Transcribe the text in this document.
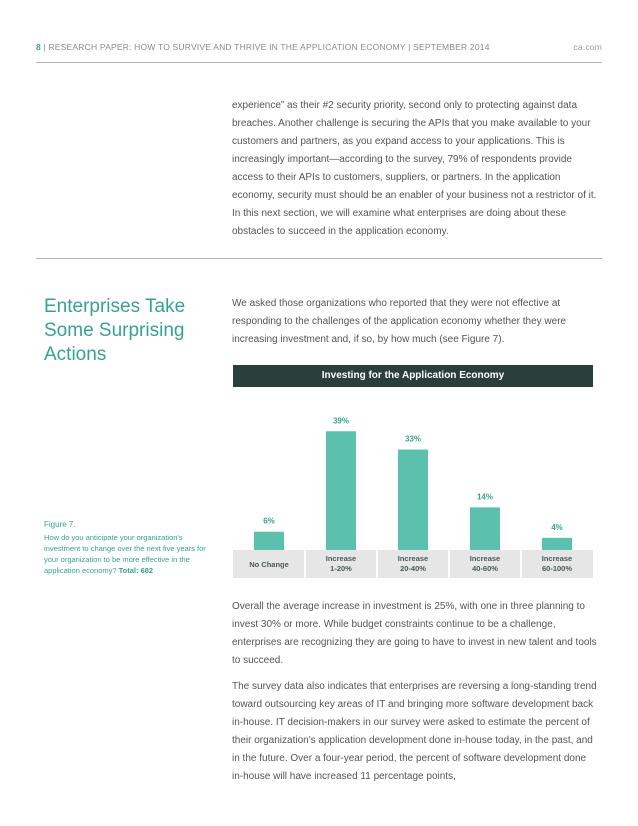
8 | RESEARCH PAPER: HOW TO SURVIVE AND THRIVE IN THE APPLICATION ECONOMY | SEPTEMBER 2014	ca.com

experience” as their #2 security priority, second only to protecting against data breaches. Another challenge is securing the APIs that you make available to your customers and partners, as you expand access to your applications. This is increasingly important—according to the survey, 79% of respondents provide access to their APIs to customers, suppliers, or partners. In the application economy, security must should be an enabler of your business not a restrictor of it.

In this next section, we will examine what enterprises are doing about these obstacles to succeed in the application economy.

Enterprises Take Some Surprising Actions

We asked those organizations who reported that they were not effective at responding to the challenges of the application economy whether they were increasing investment and, if so, by how much (see Figure 7).

Figure 7.

How do you anticipate your organization's investment to change over the next five years for your organization to be more effective in the application economy? Total: 682

Investing for the Application Economy
6%
No Change
39%
Increase 1-20%
33%
Increase 20-40%
14%
Increase 40-60%
4%
Increase 60-100%

Overall the average increase in investment is 25%, with one in three planning to invest 30% or more. While budget constraints continue to be a challenge, enterprises are recognizing they are going to have to invest in new talent and tools to succeed.

The survey data also indicates that enterprises are reversing a long-standing trend toward outsourcing key areas of IT and bringing more software development back in-house. IT decision-makers in our survey were asked to estimate the percent of their organization's application development done in-house today, in the past, and in the future. Over a four-year period, the percent of software development done in-house will have increased 11 percentage points,
